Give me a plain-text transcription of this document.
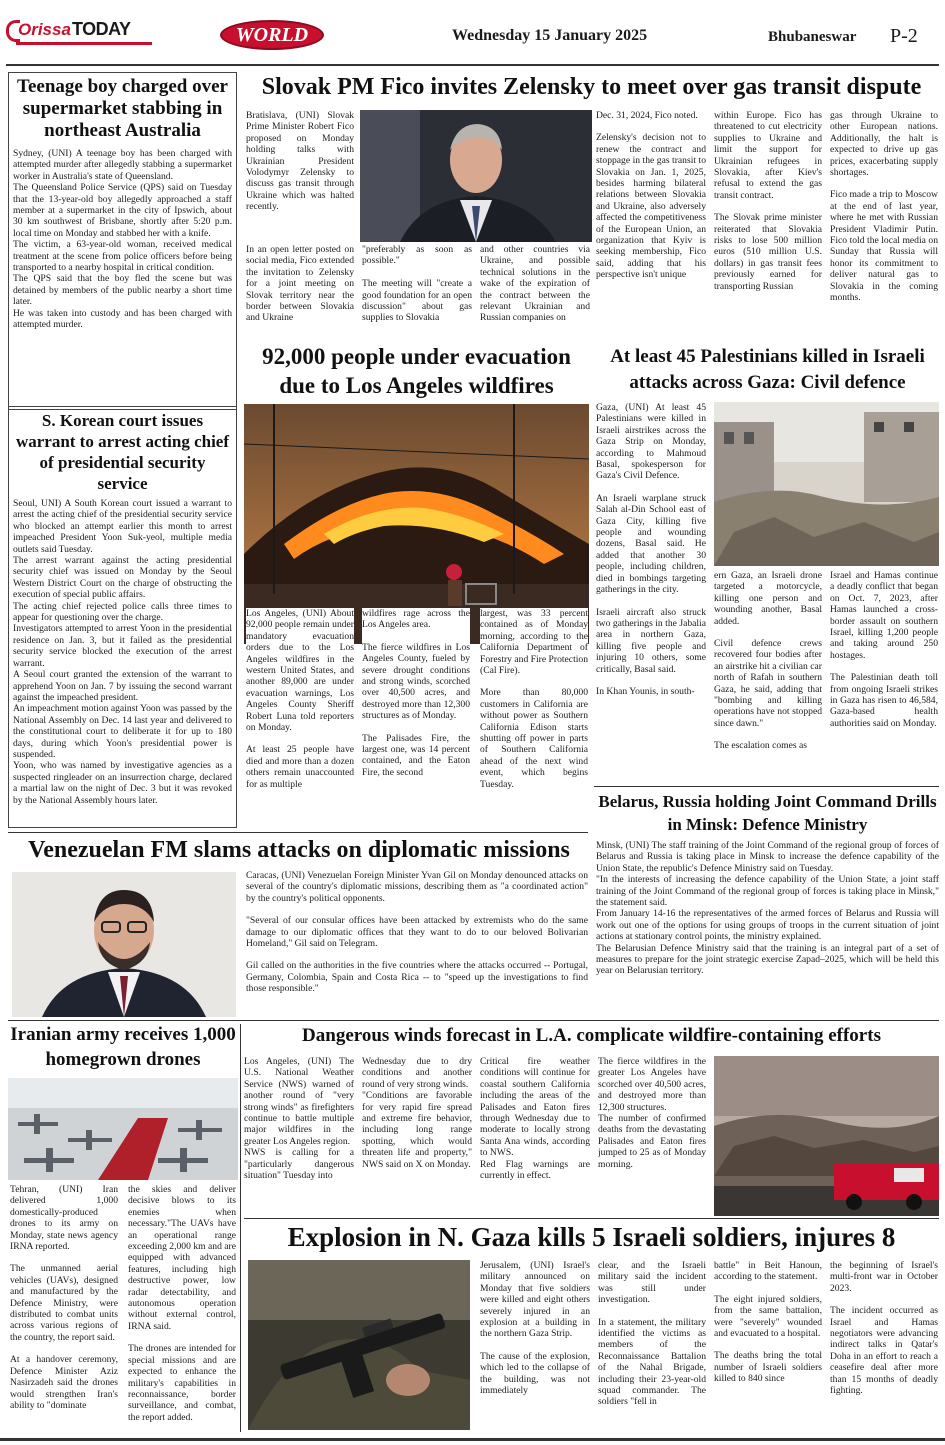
Orissa TODAY	WORLD	Wednesday 15 January 2025	Bhubaneswar P-2
Teenage boy charged over supermarket stabbing in northeast Australia

Sydney, (UNI) A teenage boy has been charged with attempted murder after allegedly stabbing a supermarket worker in Australia's state of Queensland.

The Queensland Police Service (QPS) said on Tuesday that the 13-year-old boy allegedly approached a staff member at a supermarket in the city of Ipswich, about 30 km southwest of Brisbane, shortly after 5:20 p.m. local time on Monday and stabbed her with a knife.

The victim, a 63-year-old woman, received medical treatment at the scene from police officers before being transported to a nearby hospital in critical condition.

The QPS said that the boy fled the scene but was detained by members of the public nearby a short time later.

He was taken into custody and has been charged with attempted murder.

S. Korean court issues warrant to arrest acting chief of presidential security service

Seoul, UNI) A South Korean court issued a warrant to arrest the acting chief of the presidential security service who blocked an attempt earlier this month to arrest impeached President Yoon Suk-yeol, multiple media outlets said Tuesday.

The arrest warrant against the acting presidential security chief was issued on Monday by the Seoul Western District Court on the charge of obstructing the execution of special public affairs.

The acting chief rejected police calls three times to appear for questioning over the charge.

Investigators attempted to arrest Yoon in the presidential residence on Jan. 3, but it failed as the presidential security service blocked the execution of the arrest warrant.

A Seoul court granted the extension of the warrant to apprehend Yoon on Jan. 7 by issuing the second warrant against the impeached president.

An impeachment motion against Yoon was passed by the National Assembly on Dec. 14 last year and delivered to the constitutional court to deliberate it for up to 180 days, during which Yoon's presidential power is suspended.

Yoon, who was named by investigative agencies as a suspected ringleader on an insurrection charge, declared a martial law on the night of Dec. 3 but it was revoked by the National Assembly hours later.

Slovak PM Fico invites Zelensky to meet over gas transit dispute
Bratislava, (UNI) Slovak Prime Minister Robert Fico proposed on Monday holding talks with Ukrainian President Volodymyr Zelensky to discuss gas transit through Ukraine which was halted recently.
In an open letter posted on social media, Fico extended the invitation to Zelensky for a joint meeting on Slovak territory near the border between Slovakia and Ukraine
"preferably as soon as possible."

The meeting will "create a good foundation for an open discussion" about gas supplies to Slovakia
and other countries via Ukraine, and possible technical solutions in the wake of the expiration of the contract between the relevant Ukrainian and Russian companies on

Dec. 31, 2024, Fico noted.

Zelensky's decision not to renew the contract and stoppage in the gas transit to Slovakia on Jan. 1, 2025, besides harming bilateral relations between Slovakia and Ukraine, also adversely affected the competitiveness of the European Union, an organization that Kyiv is seeking membership, Fico said, adding that his perspective isn't unique

within Europe. Fico has threatened to cut electricity supplies to Ukraine and limit the support for Ukrainian refugees in Slovakia, after Kiev's refusal to extend the gas transit contract.

The Slovak prime minister reiterated that Slovakia risks to lose 500 million euros (510 million U.S. dollars) in gas transit fees previously earned for transporting Russian

gas through Ukraine to other European nations. Additionally, the halt is expected to drive up gas prices, exacerbating supply shortages.

Fico made a trip to Moscow at the end of last year, where he met with Russian President Vladimir Putin. Fico told the local media on Sunday that Russia will honor its commitment to deliver natural gas to Slovakia in the coming months.

92,000 people under evacuation due to Los Angeles wildfires

Los Angeles, (UNI) About 92,000 people remain under mandatory evacuation orders due to the Los Angeles wildfires in the western United States, and another 89,000 are under evacuation warnings, Los Angeles County Sheriff Robert Luna told reporters on Monday.

At least 25 people have died and more than a dozen others remain unaccounted for as multiple

wildfires rage across the Los Angeles area.

The fierce wildfires in Los Angeles County, fueled by severe drought conditions and strong winds, scorched over 40,500 acres, and destroyed more than 12,300 structures as of Monday.

The Palisades Fire, the largest one, was 14 percent contained, and the Eaton Fire, the second

largest, was 33 percent contained as of Monday morning, according to the California Department of Forestry and Fire Protection (Cal Fire).

More than 80,000 customers in California are without power as Southern California Edison starts shutting off power in parts of Southern California ahead of the next wind event, which begins Tuesday.

At least 45 Palestinians killed in Israeli attacks across Gaza: Civil defence

Gaza, (UNI) At least 45 Palestinians were killed in Israeli airstrikes across the Gaza Strip on Monday, according to Mahmoud Basal, spokesperson for Gaza's Civil Defence.

An Israeli warplane struck Salah al-Din School east of Gaza City, killing five people and wounding dozens, Basal said. He added that another 30 people, including children, died in bombings targeting gatherings in the city.

Israeli aircraft also struck two gatherings in the Jabalia area in northern Gaza, killing five people and injuring 10 others, some critically, Basal said.

In Khan Younis, in south-

ern Gaza, an Israeli drone targeted a motorcycle, killing one person and wounding another, Basal added.

Civil defence crews recovered four bodies after an airstrike hit a civilian car north of Rafah in southern Gaza, he said, adding that "bombing and killing operations have not stopped since dawn."

The escalation comes as

Israel and Hamas continue a deadly conflict that began on Oct. 7, 2023, after Hamas launched a cross-border assault on southern Israel, killing 1,200 people and taking around 250 hostages.

The Palestinian death toll from ongoing Israeli strikes in Gaza has risen to 46,584, Gaza-based health authorities said on Monday.

Venezuelan FM slams attacks on diplomatic missions

Caracas, (UNI) Venezuelan Foreign Minister Yvan Gil on Monday denounced attacks on several of the country's diplomatic missions, describing them as "a coordinated action" by the country's political opponents.

"Several of our consular offices have been attacked by extremists who do the same damage to our diplomatic offices that they want to do to our beloved Bolivarian Homeland," Gil said on Telegram.

Gil called on the authorities in the five countries where the attacks occurred -- Portugal, Germany, Colombia, Spain and Costa Rica -- to "speed up the investigations to find those responsible."

Belarus, Russia holding Joint Command Drills in Minsk: Defence Ministry

Minsk, (UNI) The staff training of the Joint Command of the regional group of forces of Belarus and Russia is taking place in Minsk to increase the defence capability of the Union State, the republic's Defence Ministry said on Tuesday.

"In the interests of increasing the defence capability of the Union State, a joint staff training of the Joint Command of the regional group of forces is taking place in Minsk," the statement said.

From January 14-16 the representatives of the armed forces of Belarus and Russia will work out one of the options for using groups of troops in the current situation of joint actions at stationary control points, the ministry explained.

The Belarusian Defence Ministry said that the training is an integral part of a set of measures to prepare for the joint strategic exercise Zapad–2025, which will be held this year on Belarusian territory.

Iranian army receives 1,000 homegrown drones

Tehran, (UNI) Iran delivered 1,000 domestically-produced drones to its army on Monday, state news agency IRNA reported.

The unmanned aerial vehicles (UAVs), designed and manufactured by the Defence Ministry, were distributed to combat units across various regions of the country, the report said.

At a handover ceremony, Defence Minister Aziz Nasirzadeh said the drones would strengthen Iran's ability to "dominate

the skies and deliver decisive blows to its enemies when necessary."The UAVs have an operational range exceeding 2,000 km and are equipped with advanced features, including high destructive power, low radar detectability, and autonomous operation without external control, IRNA said.

The drones are intended for special missions and are expected to enhance the military's capabilities in reconnaissance, border surveillance, and combat, the report added.

Dangerous winds forecast in L.A. complicate wildfire-containing efforts
Los Angeles, (UNI) The U.S. National Weather Service (NWS) warned of another round of "very strong winds" as firefighters continue to battle multiple major wildfires in the greater Los Angeles region.
NWS is calling for a "particularly dangerous situation" Tuesday into
Wednesday due to dry conditions and another round of very strong winds.
"Conditions are favorable for very rapid fire spread and extreme fire behavior, including long range spotting, which would threaten life and property," NWS said on X on Monday.
Critical fire weather conditions will continue for coastal southern California including the areas of the Palisades and Eaton fires through Wednesday due to moderate to locally strong Santa Ana winds, according to NWS.
Red Flag warnings are currently in effect.
The fierce wildfires in the greater Los Angeles have scorched over 40,500 acres, and destroyed more than 12,300 structures.
The number of confirmed deaths from the devastating Palisades and Eaton fires jumped to 25 as of Monday morning.
Explosion in N. Gaza kills 5 Israeli soldiers, injures 8

Jerusalem, (UNI) Israel's military announced on Monday that five soldiers were killed and eight others severely injured in an explosion at a building in the northern Gaza Strip.

The cause of the explosion, which led to the collapse of the building, was not immediately

clear, and the Israeli military said the incident was still under investigation.

In a statement, the military identified the victims as members of the Reconnaissance Battalion of the Nahal Brigade, including their 23-year-old squad commander. The soldiers "fell in

battle" in Beit Hanoun, according to the statement.

The eight injured soldiers, from the same battalion, were "severely" wounded and evacuated to a hospital.

The deaths bring the total number of Israeli soldiers killed to 840 since

the beginning of Israel's multi-front war in October 2023.

The incident occurred as Israel and Hamas negotiators were advancing indirect talks in Qatar's Doha in an effort to reach a ceasefire deal after more than 15 months of deadly fighting.
